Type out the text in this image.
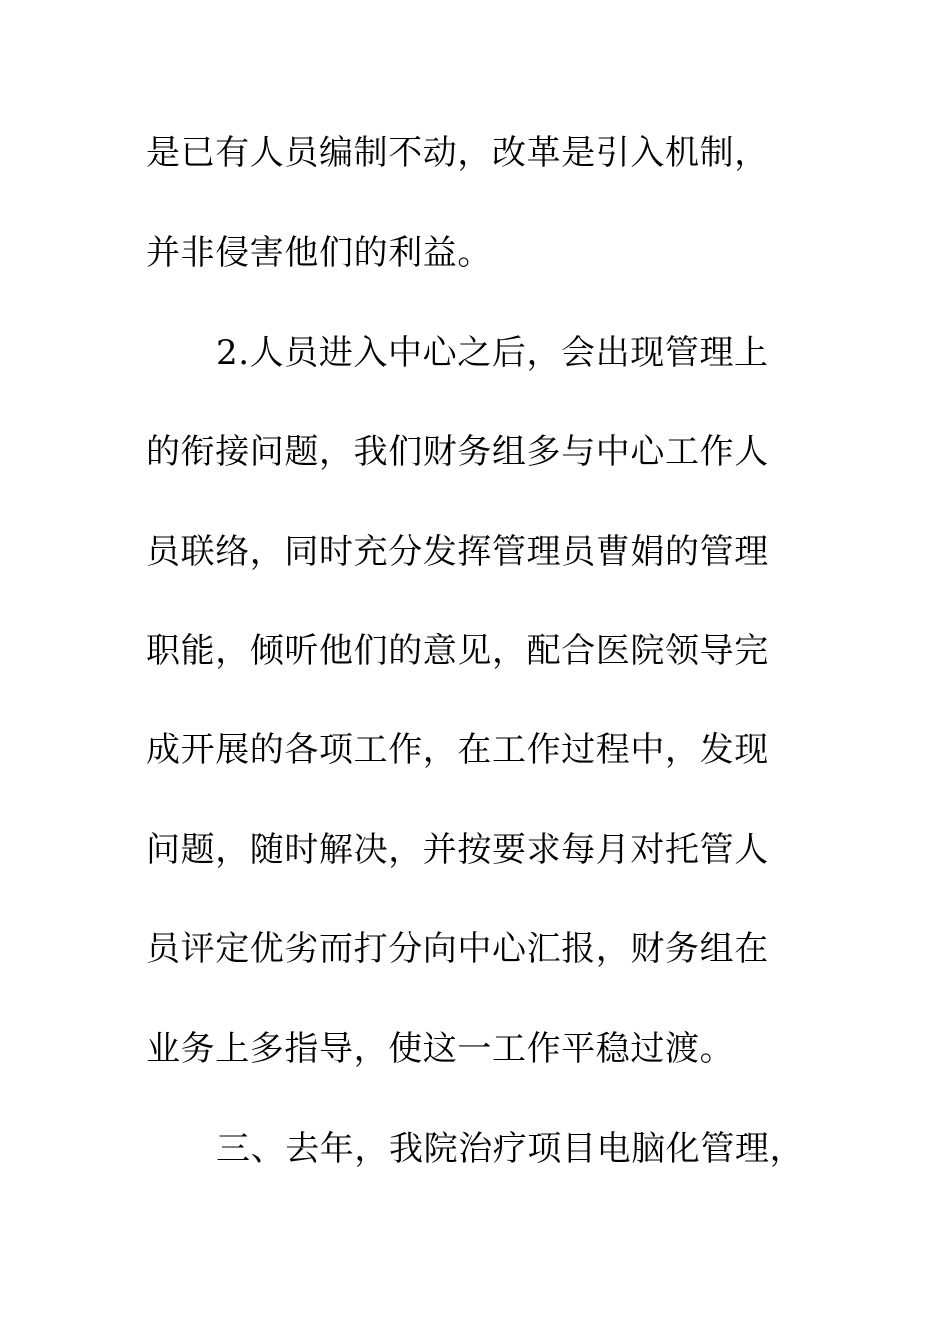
是已有人员编制不动，改革是引入机制，
并非侵害他们的利益。
2.人员进入中心之后，会出现管理上
的衔接问题，我们财务组多与中心工作人
员联络，同时充分发挥管理员曹娟的管理
职能，倾听他们的意见，配合医院领导完
成开展的各项工作，在工作过程中，发现
问题，随时解决，并按要求每月对托管人
员评定优劣而打分向中心汇报，财务组在
业务上多指导，使这一工作平稳过渡。
三、去年，我院治疗项目电脑化管理，
